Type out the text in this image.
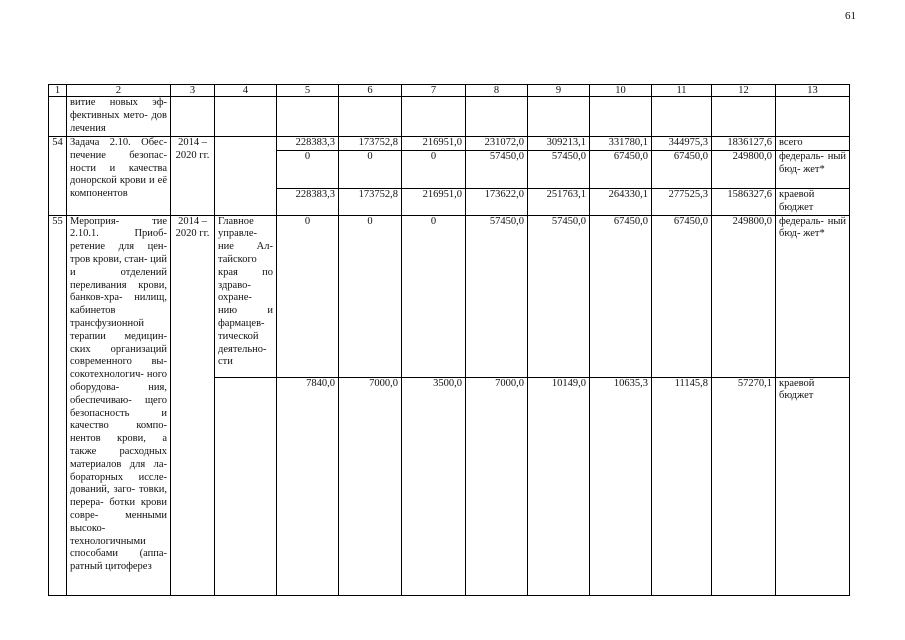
61
1	2	3	4	5	6	7	8	9	10	11	12	13
	витие новых эф- фективных мето- дов лечения											
54	Задача 2.10. Обес- печение безопас- ности и качества донорской крови и её компонентов	2014 – 2020 гг.		228383,3	173752,8	216951,0	231072,0	309213,1	331780,1	344975,3	1836127,6	всего
				0	0	0	57450,0	57450,0	67450,0	67450,0	249800,0	федераль- ный бюд- жет*
				228383,3	173752,8	216951,0	173622,0	251763,1	264330,1	277525,3	1586327,6	краевой бюджет
55	Мероприя- тие 2.10.1. Приоб- ретение для цен- тров крови, стан- ций и отделений переливания крови, банков-хра- нилищ, кабинетов трансфузионной терапии медицин- ских организаций современного вы- сокотехнологич- ного оборудова- ния, обеспечиваю- щего безопасность и качество компо- нентов крови, а также расходных материалов для ла- бораторных иссле- дований, заго- товки, перера- ботки крови совре- менными высоко- технологичными способами (аппа- ратный цитоферез	2014 – 2020 гг.	Главное управле- ние Ал- тайского края по здраво- охране- нию и фармацев- тической деятельно- сти	0	0	0	57450,0	57450,0	67450,0	67450,0	249800,0	федераль- ный бюд- жет*
				7840,0	7000,0	3500,0	7000,0	10149,0	10635,3	11145,8	57270,1	краевой бюджет
